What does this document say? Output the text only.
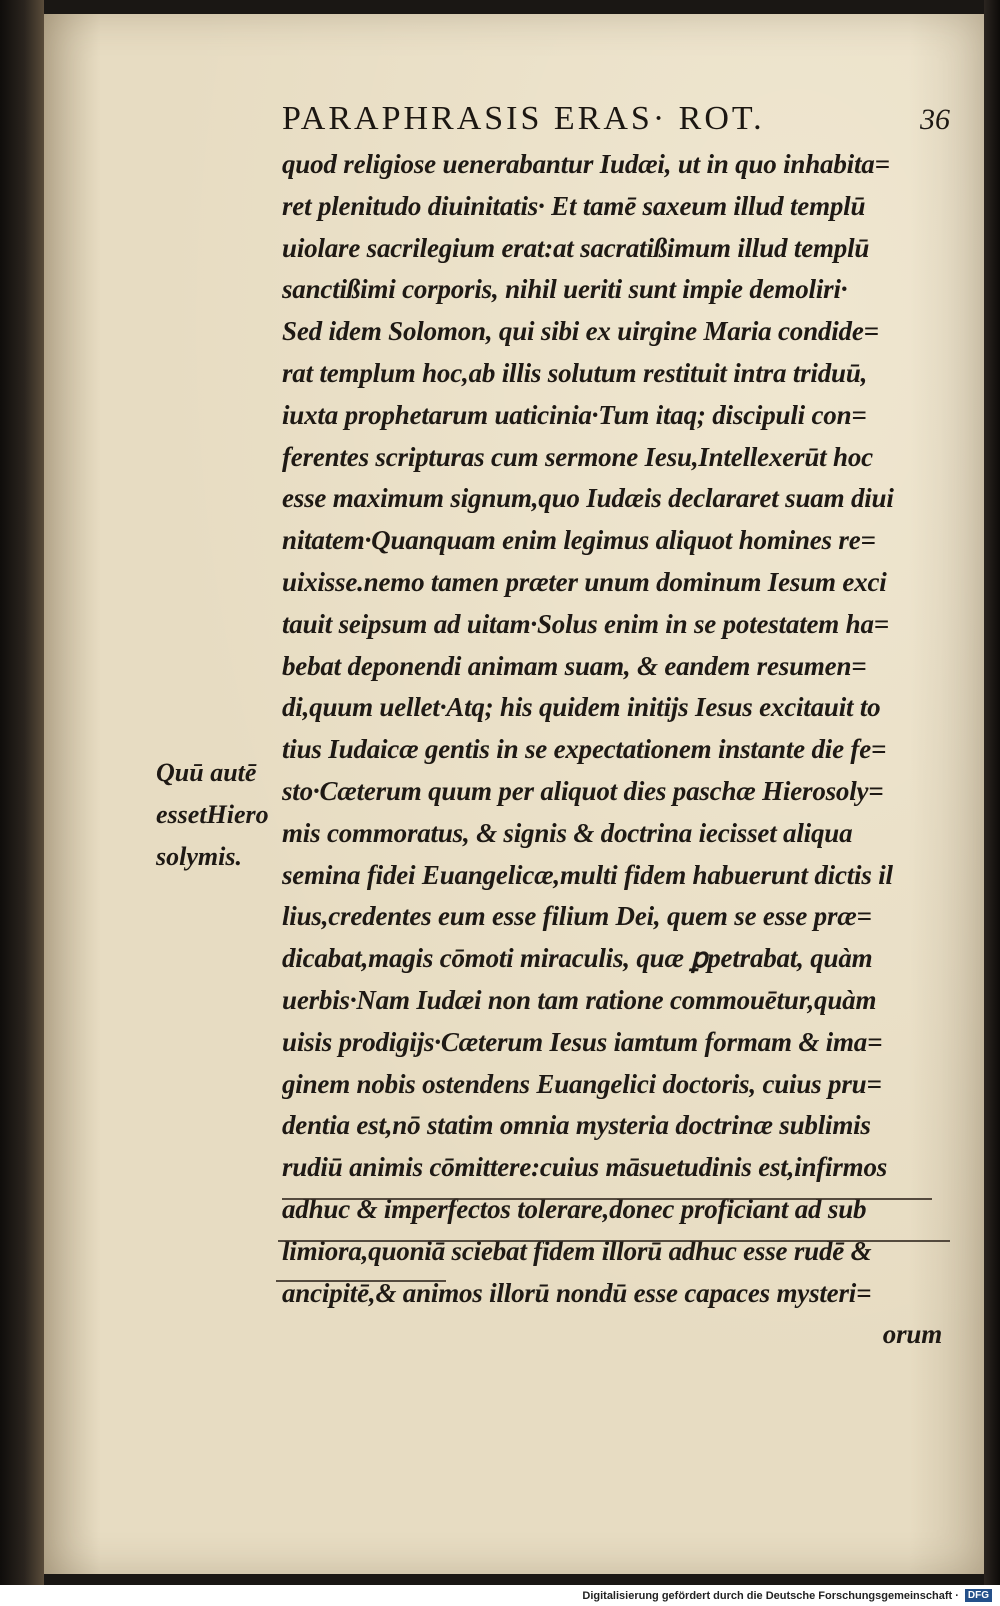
PARAPHRASIS ERAS· ROT.	36
quod religiose uenerabantur Iudæi, ut in quo inhabita=
ret plenitudo diuinitatis· Et tamē saxeum illud templū
uiolare sacrilegium erat:at sacratißimum illud templū
sanctißimi corporis, nihil ueriti sunt impie demoliri·
Sed idem Solomon, qui sibi ex uirgine Maria condide=
rat templum hoc,ab illis solutum restituit intra triduū,
iuxta prophetarum uaticinia·Tum itaq; discipuli con=
ferentes scripturas cum sermone Iesu,Intellexerūt hoc
esse maximum signum,quo Iudæis declararet suam diui
nitatem·Quanquam enim legimus aliquot homines re=
uixisse.nemo tamen præter unum dominum Iesum exci
tauit seipsum ad uitam·Solus enim in se potestatem ha=
bebat deponendi animam suam, & eandem resumen=
di,quum uellet·Atq; his quidem initijs Iesus excitauit to
tius Iudaicæ gentis in se expectationem instante die fe=
sto·Cæterum quum per aliquot dies paschæ Hierosoly=
mis commoratus, & signis & doctrina iecisset aliqua
semina fidei Euangelicæ,multi fidem habuerunt dictis il
lius,credentes eum esse filium Dei, quem se esse præ=
dicabat,magis cōmoti miraculis, quæ ꝑpetrabat, quàm
uerbis·Nam Iudæi non tam ratione commouētur,quàm
uisis prodigijs·Cæterum Iesus iamtum formam & ima=
ginem nobis ostendens Euangelici doctoris, cuius pru=
dentia est,nō statim omnia mysteria doctrinæ sublimis
rudiū animis cōmittere:cuius māsuetudinis est,infirmos
adhuc & imperfectos tolerare,donec proficiant ad sub
limiora,quoniā sciebat fidem illorū adhuc esse rudē &
ancipitē,& animos illorū nondū esse capaces mysteri=
orum
Quū autē
essetHiero
solymis.
Digitalisierung gefördert durch die Deutsche Forschungsgemeinschaft · DFG
